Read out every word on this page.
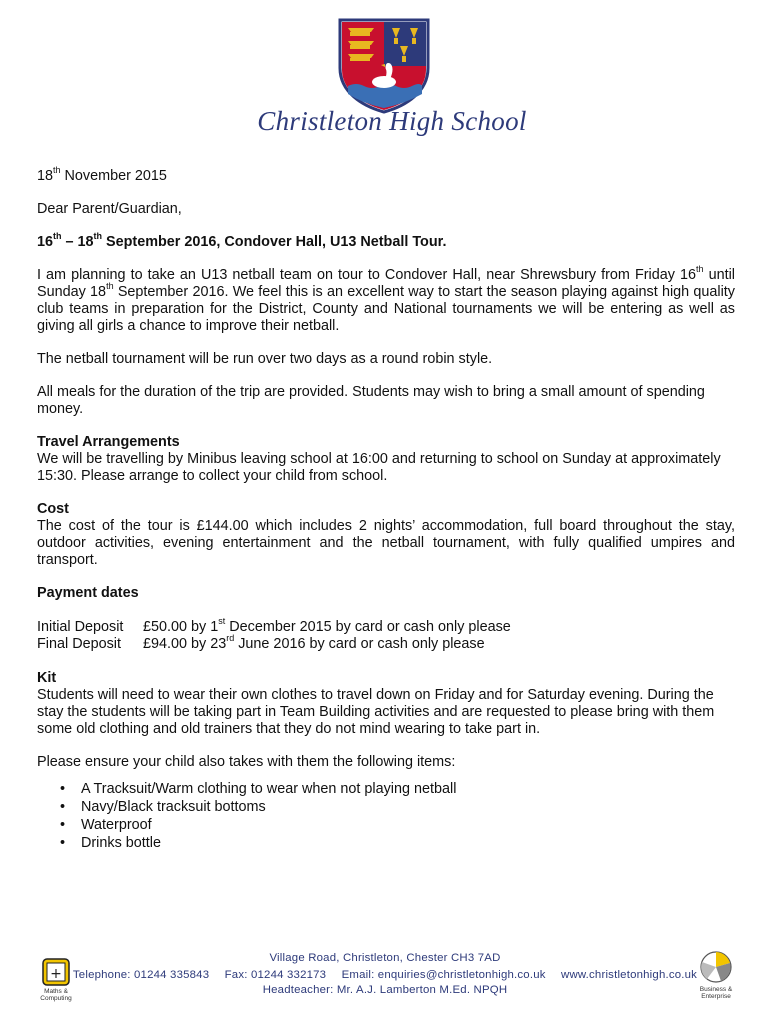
Christleton High School

18th November 2015

Dear Parent/Guardian,

16th – 18th September 2016, Condover Hall, U13 Netball Tour.

I am planning to take an U13 netball team on tour to Condover Hall, near Shrewsbury from Friday 16th until Sunday 18th September 2016. We feel this is an excellent way to start the season playing against high quality club teams in preparation for the District, County and National tournaments we will be entering as well as giving all girls a chance to improve their netball.

The netball tournament will be run over two days as a round robin style.

All meals for the duration of the trip are provided. Students may wish to bring a small amount of spending money.

Travel Arrangements

We will be travelling by Minibus leaving school at 16:00 and returning to school on Sunday at approximately 15:30. Please arrange to collect your child from school.

Cost

The cost of the tour is £144.00 which includes 2 nights’ accommodation, full board throughout the stay, outdoor activities, evening entertainment and the netball tournament, with fully qualified umpires and transport.

Payment dates

Initial Deposit	£50.00 by 1st December 2015 by card or cash only please
Final Deposit	£94.00 by 23rd June 2016 by card or cash only please

Kit

Students will need to wear their own clothes to travel down on Friday and for Saturday evening. During the stay the students will be taking part in Team Building activities and are requested to please bring with them some old clothing and old trainers that they do not mind wearing to take part in.

Please ensure your child also takes with them the following items:

• A Tracksuit/Warm clothing to wear when not playing netball
• Navy/Black tracksuit bottoms
• Waterproof
• Drinks bottle
+
Maths & Computing
Village Road, Christleton, Chester CH3 7AD
Telephone: 01244 335843 Fax: 01244 332173 Email: enquiries@christletonhigh.co.uk www.christletonhigh.co.uk
Headteacher: Mr. A.J. Lamberton M.Ed. NPQH	Business & Enterprise
